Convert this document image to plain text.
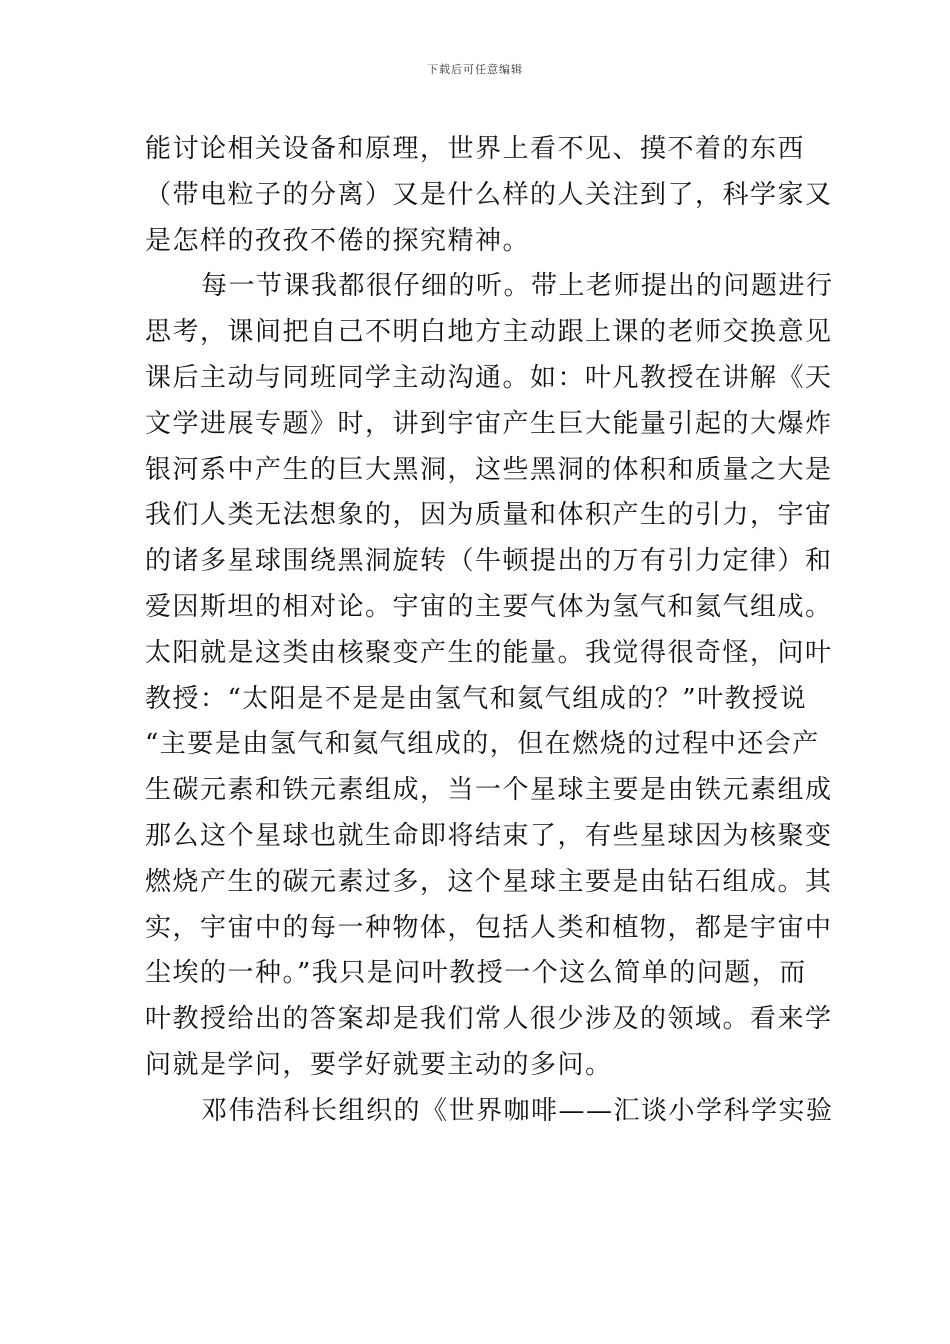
下载后可任意编辑
能讨论相关设备和原理，世界上看不见、摸不着的东西
（带电粒子的分离）又是什么样的人关注到了，科学家又
是怎样的孜孜不倦的探究精神。
每一节课我都很仔细的听。带上老师提出的问题进行
思考，课间把自己不明白地方主动跟上课的老师交换意见
课后主动与同班同学主动沟通。如：叶凡教授在讲解《天
文学进展专题》时，讲到宇宙产生巨大能量引起的大爆炸
银河系中产生的巨大黑洞，这些黑洞的体积和质量之大是
我们人类无法想象的，因为质量和体积产生的引力，宇宙
的诸多星球围绕黑洞旋转（牛顿提出的万有引力定律）和
爱因斯坦的相对论。宇宙的主要气体为氢气和氦气组成。
太阳就是这类由核聚变产生的能量。我觉得很奇怪，问叶
教授：“太阳是不是是由氢气和氦气组成的？”叶教授说
“主要是由氢气和氦气组成的，但在燃烧的过程中还会产
生碳元素和铁元素组成，当一个星球主要是由铁元素组成
那么这个星球也就生命即将结束了，有些星球因为核聚变
燃烧产生的碳元素过多，这个星球主要是由钻石组成。其
实，宇宙中的每一种物体，包括人类和植物，都是宇宙中
尘埃的一种。”我只是问叶教授一个这么简单的问题，而
叶教授给出的答案却是我们常人很少涉及的领域。看来学
问就是学问，要学好就要主动的多问。
邓伟浩科长组织的《世界咖啡——汇谈小学科学实验
